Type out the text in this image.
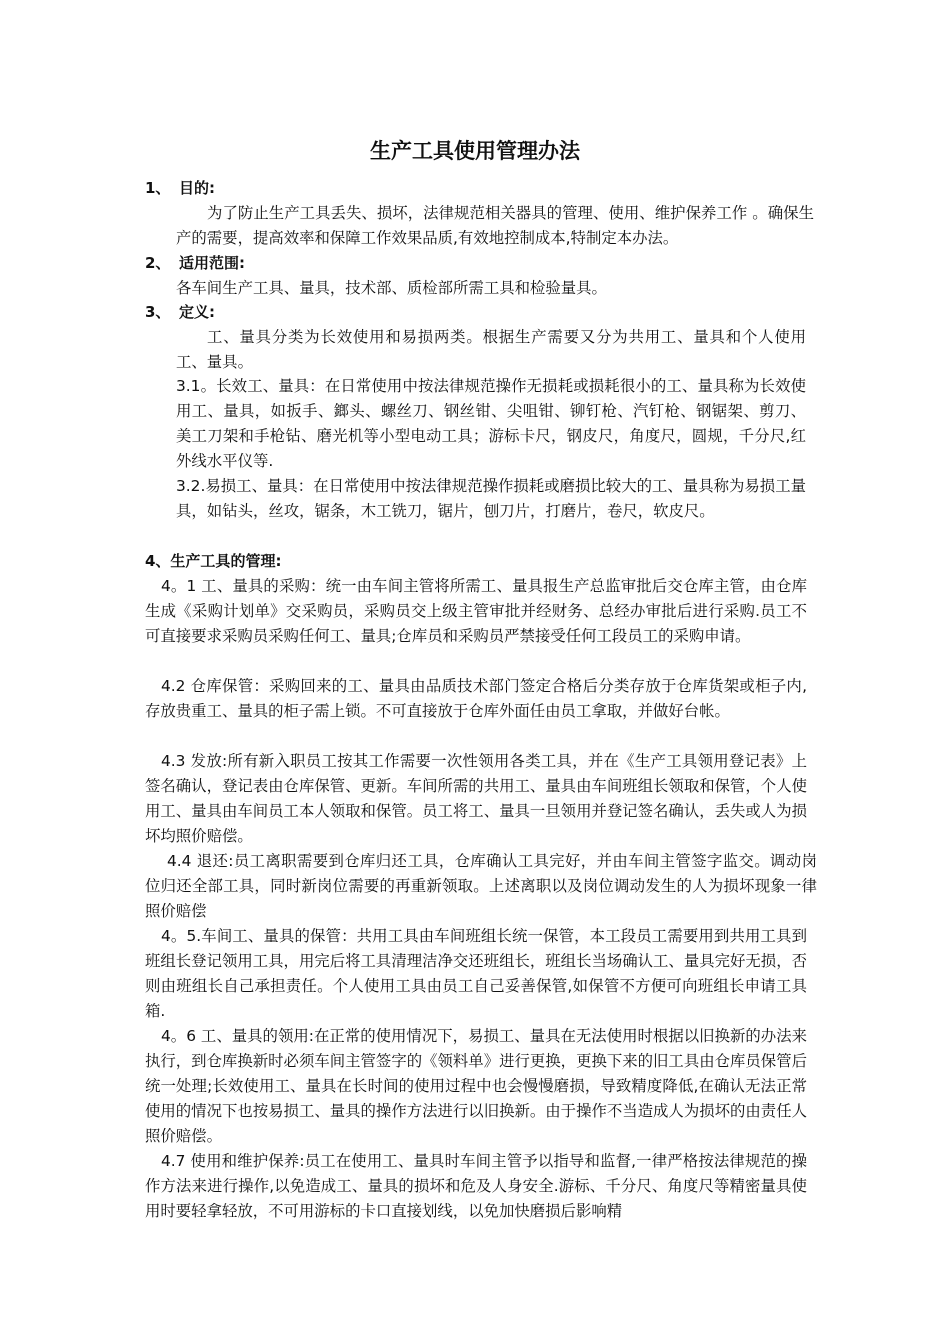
生产工具使用管理办法
1、 目的:
为了防止生产工具丢失、损坏，法律规范相关器具的管理、使用、维护保养工作 。确保生产的需要，提高效率和保障工作效果品质,有效地控制成本,特制定本办法。
2、 适用范围:
各车间生产工具、量具，技术部、质检部所需工具和检验量具。
3、 定义:
工、量具分类为长效使用和易损两类。根据生产需要又分为共用工、量具和个人使用工、量具。
3.1。长效工、量具：在日常使用中按法律规范操作无损耗或损耗很小的工、量具称为长效使用工、量具，如扳手、鎯头、螺丝刀、钢丝钳、尖咀钳、铆钉枪、汽钉枪、钢锯架、剪刀、美工刀架和手枪钻、磨光机等小型电动工具；游标卡尺，钢皮尺，角度尺，圆规，千分尺,红外线水平仪等.
3.2.易损工、量具：在日常使用中按法律规范操作损耗或磨损比较大的工、量具称为易损工量具，如钻头，丝攻，锯条，木工铣刀，锯片，刨刀片，打磨片，卷尺，软皮尺。
4、生产工具的管理:
4。1 工、量具的采购：统一由车间主管将所需工、量具报生产总监审批后交仓库主管，由仓库生成《采购计划单》交采购员，采购员交上级主管审批并经财务、总经办审批后进行采购.员工不可直接要求采购员采购任何工、量具;仓库员和采购员严禁接受任何工段员工的采购申请。
4.2 仓库保管：采购回来的工、量具由品质技术部门签定合格后分类存放于仓库货架或柜子内,存放贵重工、量具的柜子需上锁。不可直接放于仓库外面任由员工拿取，并做好台帐。
4.3 发放:所有新入职员工按其工作需要一次性领用各类工具，并在《生产工具领用登记表》上签名确认，登记表由仓库保管、更新。车间所需的共用工、量具由车间班组长领取和保管，个人使用工、量具由车间员工本人领取和保管。员工将工、量具一旦领用并登记签名确认，丢失或人为损坏均照价赔偿。
4.4 退还:员工离职需要到仓库归还工具，仓库确认工具完好，并由车间主管签字监交。调动岗位归还全部工具，同时新岗位需要的再重新领取。上述离职以及岗位调动发生的人为损坏现象一律照价赔偿
4。5.车间工、量具的保管：共用工具由车间班组长统一保管，本工段员工需要用到共用工具到班组长登记领用工具，用完后将工具清理洁净交还班组长，班组长当场确认工、量具完好无损，否则由班组长自己承担责任。个人使用工具由员工自己妥善保管,如保管不方便可向班组长申请工具箱.
4。6 工、量具的领用:在正常的使用情况下，易损工、量具在无法使用时根据以旧换新的办法来执行，到仓库换新时必须车间主管签字的《领料单》进行更换，更换下来的旧工具由仓库员保管后统一处理;长效使用工、量具在长时间的使用过程中也会慢慢磨损，导致精度降低,在确认无法正常使用的情况下也按易损工、量具的操作方法进行以旧换新。由于操作不当造成人为损坏的由责任人照价赔偿。
4.7 使用和维护保养:员工在使用工、量具时车间主管予以指导和监督,一律严格按法律规范的操作方法来进行操作,以免造成工、量具的损坏和危及人身安全.游标、千分尺、角度尺等精密量具使用时要轻拿轻放，不可用游标的卡口直接划线，以免加快磨损后影响精
